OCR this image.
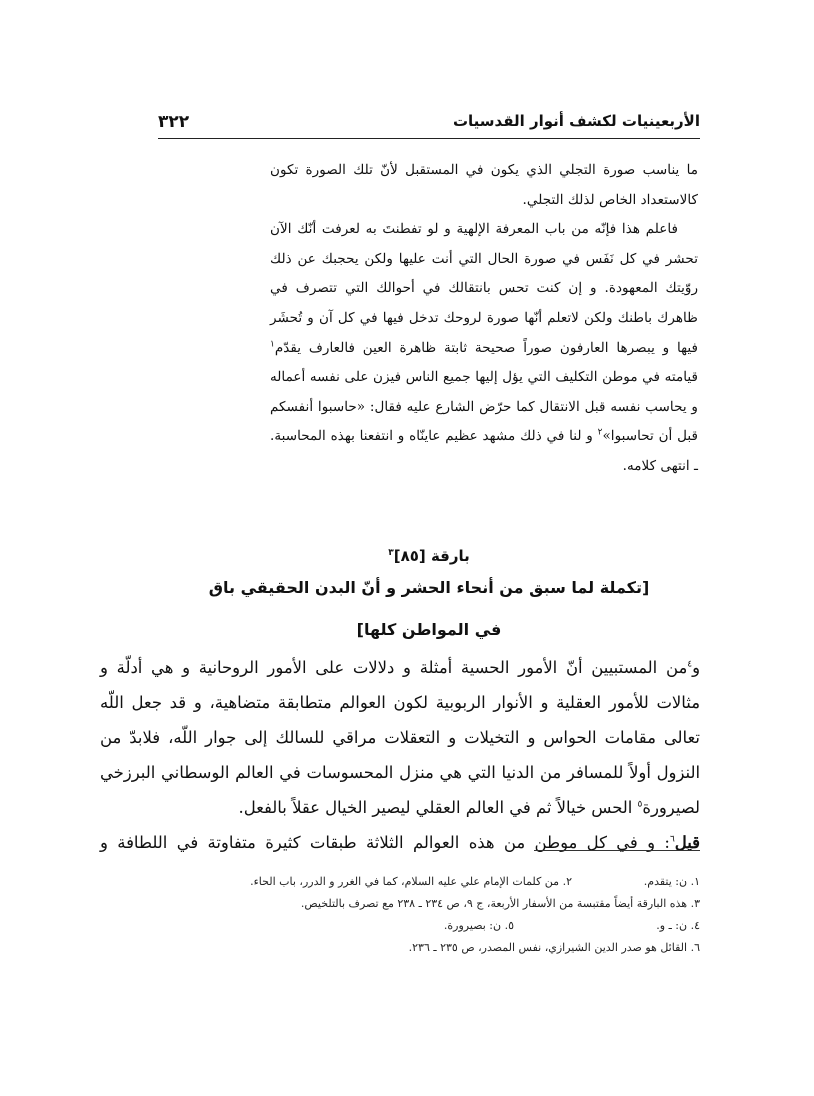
٣٢٢	الأربعينيات لكشف أنوار القدسيات

ما يناسب صورة التجلي الذي يكون في المستقبل لأنّ تلك الصورة تكون كالاستعداد الخاص لذلك التجلي.

فاعلم هذا فإنّه من باب المعرفة الإلهية و لو تفطنتَ به لعرفت أنّك الآن تحشر في كل نَفَس في صورة الحال التي أنت عليها ولكن يحجبك عن ذلك روّيتك المعهودة. و إن كنت تحس بانتقالك في أحوالك التي تتصرف في ظاهرك باطنك ولكن لاتعلم أنّها صورة لروحك تدخل فيها في كل آن و تُحشَر فيها و يبصرها العارفون صوراً صحيحة ثابتة ظاهرة العين فالعارف يقدّم$^١$ قيامته في موطن التكليف التي يؤل إليها جميع الناس فيزن على نفسه أعماله و يحاسب نفسه قبل الانتقال كما حرّض الشارع عليه فقال: «حاسبوا أنفسكم قبل أن تحاسبوا»$^٢$ و لنا في ذلك مشهد عظيم عاينّاه و انتفعنا بهذه المحاسبة. ـ انتهى كلامه.

بارقة [٨٥]$^٣$
[تكملة لما سبق من أنحاء الحشر و أنّ البدن الحقيقي باق
في المواطن كلها]

و$^٤$من المستبيين أنّ الأمور الحسية أمثلة و دلالات على الأمور الروحانية و هي أدلّة و

مثالات للأمور العقلية و الأنوار الربوبية لكون العوالم متطابقة متضاهية، و قد جعل اللّه

تعالى مقامات الحواس و التخيلات و التعقلات مراقي للسالك إلى جوار اللّه، فلابدّ من

النزول أولاً للمسافر من الدنيا التي هي منزل المحسوسات في العالم الوسطاني البرزخي

لصيرورة$^٥$ الحس خيالاً ثم في العالم العقلي ليصير الخيال عقلاً بالفعل.

قيل$^٦$: و في كل موطن من هذه العوالم الثلاثة طبقات كثيرة متفاوتة في اللطافة و

١. ن: يتقدم.٢. من كلمات الإمام علي عليه السلام، كما في الغرر و الدرر، باب الحاء.
٣. هذه البارقة أيضاً مقتبسة من الأسفار الأربعة، ج ٩، ص ٢٣٤ ـ ٢٣٨ مع تصرف بالتلخيص.
٤. ن: ـ و.٥. ن: بصيرورة.
٦. القائل هو صدر الدين الشيرازي، نفس المصدر، ص ٢٣٥ ـ ٢٣٦.
